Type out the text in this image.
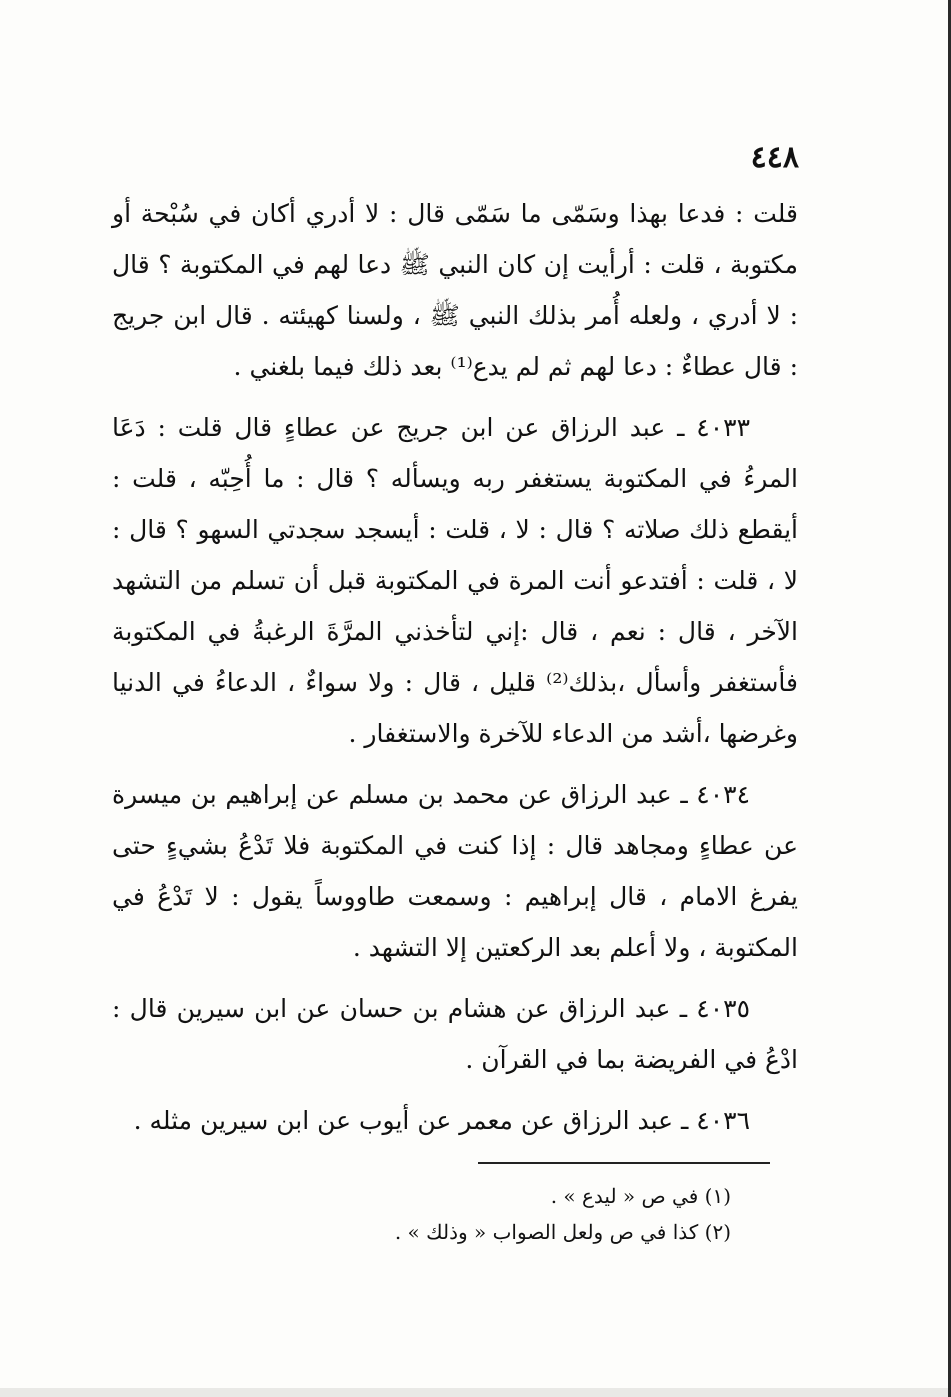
٤٤٨

قلت : فدعا بهذا وسَمّى ما سَمّى قال : لا أدري أكان في سُبْحة أو مكتوبة ، قلت : أرأيت إن كان النبي ﷺ دعا لهم في المكتوبة ؟ قال : لا أدري ، ولعله أُمر بذلك النبي ﷺ ، ولسنا كهيئته . قال ابن جريج : قال عطاءٌ : دعا لهم ثم لم يدع⁽¹⁾ بعد ذلك فيما بلغني .

٤٠٣٣ ـ عبد الرزاق عن ابن جريج عن عطاءٍ قال قلت : دَعَا المرءُ في المكتوبة يستغفر ربه ويسأله ؟ قال : ما أُحِبّه ، قلت : أيقطع ذلك صلاته ؟ قال : لا ، قلت : أيسجد سجدتي السهو ؟ قال : لا ، قلت : أفتدعو أنت المرة في المكتوبة قبل أن تسلم من التشهد الآخر ، قال : نعم ، قال :إني لتأخذني المرَّةَ الرغبةُ في المكتوبة فأستغفر وأسأل ،بذلك⁽²⁾ قليل ، قال : ولا سواءٌ ، الدعاءُ في الدنيا وغرضها ،أشد من الدعاء للآخرة والاستغفار .

٤٠٣٤ ـ عبد الرزاق عن محمد بن مسلم عن إبراهيم بن ميسرة عن عطاءٍ ومجاهد قال : إذا كنت في المكتوبة فلا تَدْعُ بشيءٍ حتى يفرغ الامام ، قال إبراهيم : وسمعت طاووساً يقول : لا تَدْعُ في المكتوبة ، ولا أعلم بعد الركعتين إلا التشهد .

٤٠٣٥ ـ عبد الرزاق عن هشام بن حسان عن ابن سيرين قال : ادْعُ في الفريضة بما في القرآن .

٤٠٣٦ ـ عبد الرزاق عن معمر عن أيوب عن ابن سيرين مثله .

(١) في ص « ليدع » .

(٢) كذا في ص ولعل الصواب « وذلك » .
